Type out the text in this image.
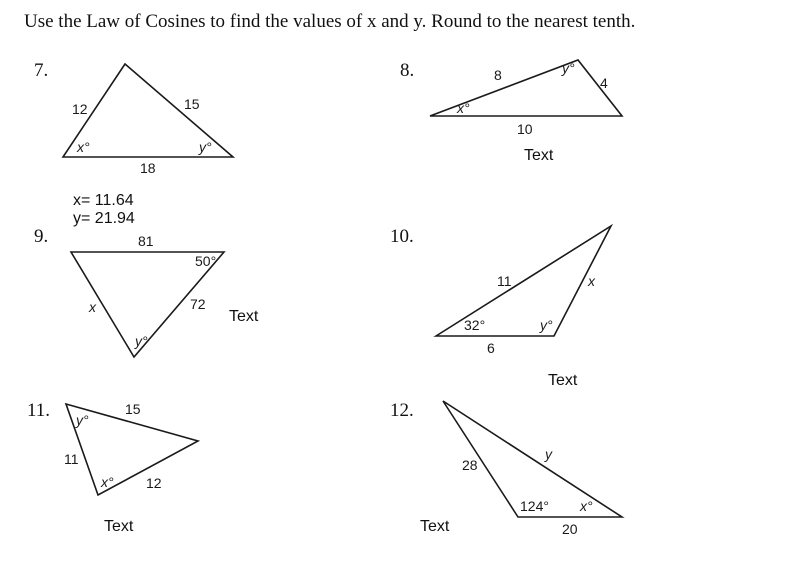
Use the Law of Cosines to find the values of x and y. Round to the nearest tenth.
7.	8.
9.	10.
11.	12.
x= 11.64
y= 21.94
Text
Text
Text
Text	Text
12	15
18
x°	y°
8	4
10
x°
y°
81
50°
x	72
y°
11	x
32°	y°
6
15
11
12
y°
x°
28
y
124° x°
20
